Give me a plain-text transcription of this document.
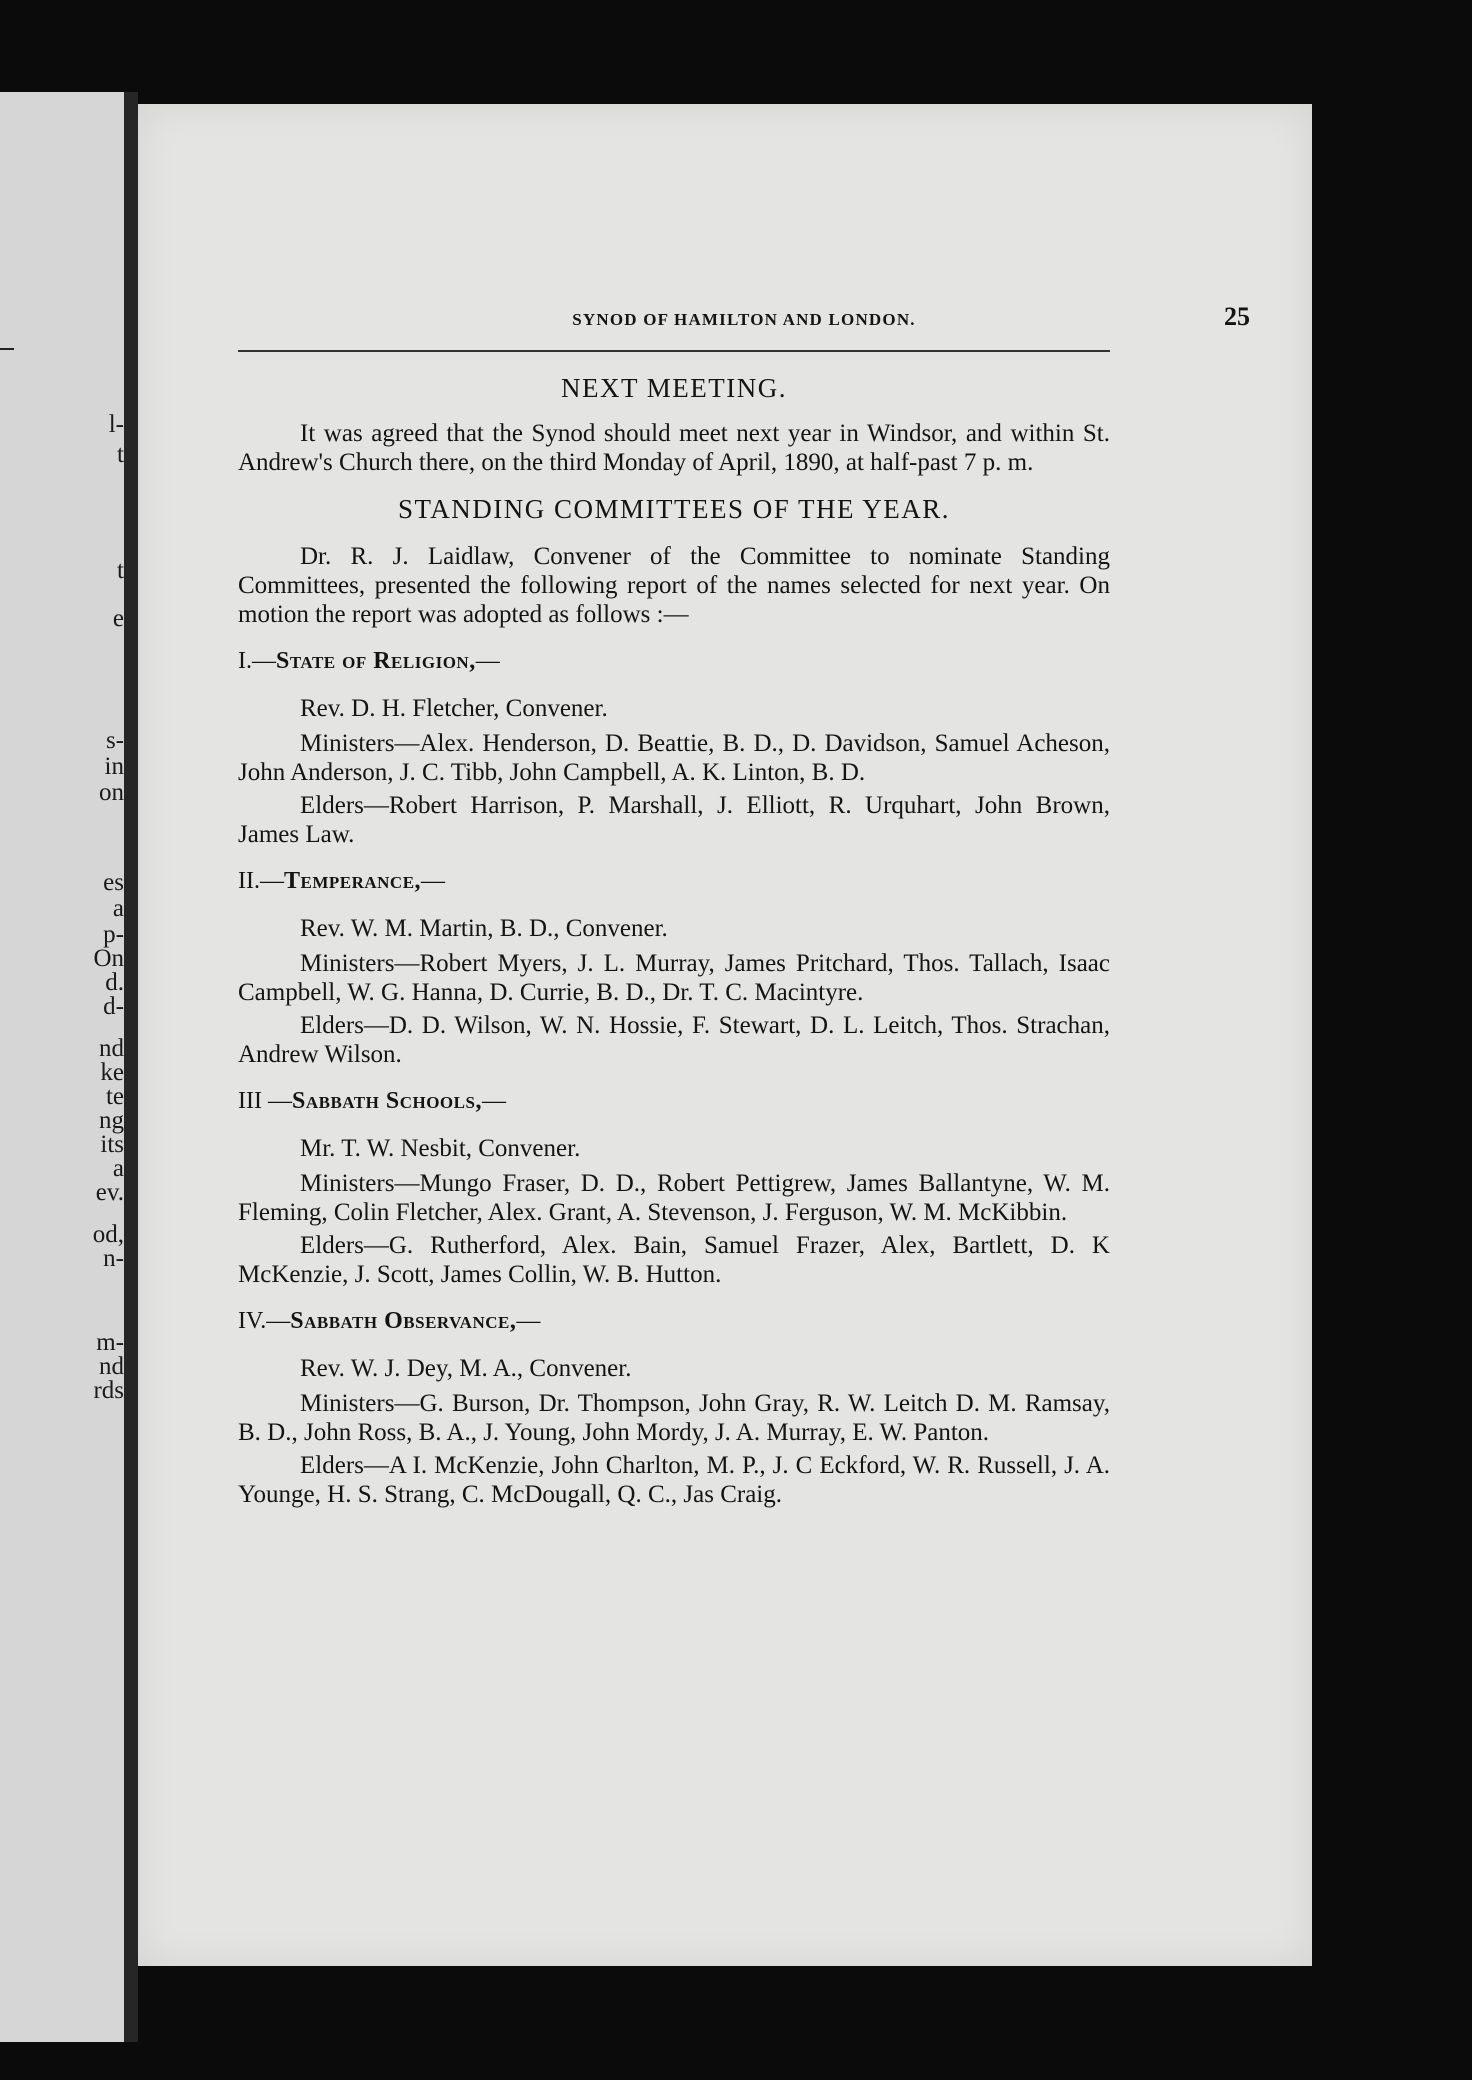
l-
t
t
e
s-
in
on
es
a
p-
On
d.
d-
nd
ke
te
ng
its
a
ev.
od,
n-
m-
nd
rds
SYNOD OF HAMILTON AND LONDON.	25
NEXT MEETING.

It was agreed that the Synod should meet next year in Windsor, and within St. Andrew's Church there, on the third Monday of April, 1890, at half-past 7 p. m.

STANDING COMMITTEES OF THE YEAR.

Dr. R. J. Laidlaw, Convener of the Committee to nominate Standing Committees, presented the following report of the names selected for next year. On motion the report was adopted as follows :—

I.—State of Religion,—

Rev. D. H. Fletcher, Convener.

Ministers—Alex. Henderson, D. Beattie, B. D., D. Davidson, Samuel Acheson, John Anderson, J. C. Tibb, John Campbell, A. K. Linton, B. D.

Elders—Robert Harrison, P. Marshall, J. Elliott, R. Urquhart, John Brown, James Law.

II.—Temperance,—

Rev. W. M. Martin, B. D., Convener.

Ministers—Robert Myers, J. L. Murray, James Pritchard, Thos. Tallach, Isaac Campbell, W. G. Hanna, D. Currie, B. D., Dr. T. C. Macintyre.

Elders—D. D. Wilson, W. N. Hossie, F. Stewart, D. L. Leitch, Thos. Strachan, Andrew Wilson.

III —Sabbath Schools,—

Mr. T. W. Nesbit, Convener.

Ministers—Mungo Fraser, D. D., Robert Pettigrew, James Ballantyne, W. M. Fleming, Colin Fletcher, Alex. Grant, A. Stevenson, J. Ferguson, W. M. McKibbin.

Elders—G. Rutherford, Alex. Bain, Samuel Frazer, Alex, Bartlett, D. K McKenzie, J. Scott, James Collin, W. B. Hutton.

IV.—Sabbath Observance,—

Rev. W. J. Dey, M. A., Convener.

Ministers—G. Burson, Dr. Thompson, John Gray, R. W. Leitch D. M. Ramsay, B. D., John Ross, B. A., J. Young, John Mordy, J. A. Murray, E. W. Panton.

Elders—A I. McKenzie, John Charlton, M. P., J. C Eckford, W. R. Russell, J. A. Younge, H. S. Strang, C. McDougall, Q. C., Jas Craig.
